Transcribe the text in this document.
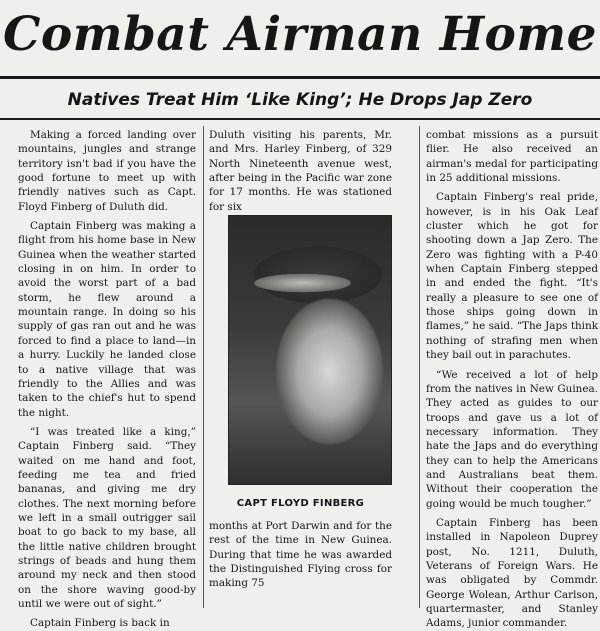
Combat Airman Home
Natives Treat Him ‘Like King’; He Drops Jap Zero

Making a forced landing over mountains, jungles and strange territory isn't bad if you have the good fortune to meet up with friendly natives such as Capt. Floyd Finberg of Duluth did.

Captain Finberg was making a flight from his home base in New Guinea when the weather started closing in on him. In order to avoid the worst part of a bad storm, he flew around a mountain range. In doing so his supply of gas ran out and he was forced to find a place to land—in a hurry. Luckily he landed close to a native village that was friendly to the Allies and was taken to the chief's hut to spend the night.

“I was treated like a king,” Captain Finberg said. “They waited on me hand and foot, feeding me tea and fried bananas, and giving me dry clothes. The next morning before we left in a small outrigger sail boat to go back to my base, all the little native children brought strings of beads and hung them around my neck and then stood on the shore waving good-by until we were out of sight.”

Captain Finberg is back in

Duluth visiting his parents, Mr. and Mrs. Harley Finberg, of 329 North Nineteenth avenue west, after being in the Pacific war zone for 17 months. He was stationed for six

CAPT FLOYD FINBERG

months at Port Darwin and for the rest of the time in New Guinea. During that time he was awarded the Distinguished Flying cross for making 75

combat missions as a pursuit flier. He also received an airman's medal for participating in 25 additional missions.

Captain Finberg's real pride, however, is in his Oak Leaf cluster which he got for shooting down a Jap Zero. The Zero was fighting with a P-40 when Captain Finberg stepped in and ended the fight. “It's really a pleasure to see one of those ships going down in flames,” he said. “The Japs think nothing of strafing men when they bail out in parachutes.

“We received a lot of help from the natives in New Guinea. They acted as guides to our troops and gave us a lot of necessary information. They hate the Japs and do everything they can to help the Americans and Australians beat them. Without their cooperation the going would be much tougher.”

Captain Finberg has been installed in Napoleon Duprey post, No. 1211, Duluth, Veterans of Foreign Wars. He was obligated by Commdr. George Wolean, Arthur Carlson, quartermaster, and Stanley Adams, junior commander.
